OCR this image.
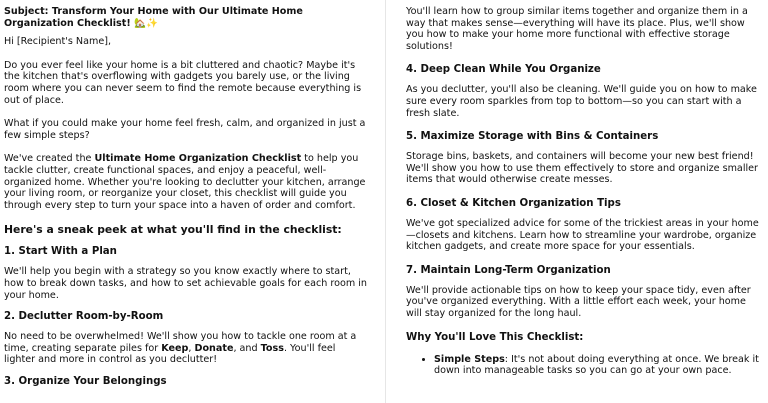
Subject: Transform Your Home with Our Ultimate Home Organization Checklist! 🏡✨

Hi [Recipient's Name],

Do you ever feel like your home is a bit cluttered and chaotic? Maybe it's the kitchen that's overflowing with gadgets you barely use, or the living room where you can never seem to find the remote because everything is out of place.

What if you could make your home feel fresh, calm, and organized in just a few simple steps?

We've created the Ultimate Home Organization Checklist to help you tackle clutter, create functional spaces, and enjoy a peaceful, well-organized home. Whether you're looking to declutter your kitchen, arrange your living room, or reorganize your closet, this checklist will guide you through every step to turn your space into a haven of order and comfort.

Here's a sneak peek at what you'll find in the checklist:
1. Start With a Plan

We'll help you begin with a strategy so you know exactly where to start, how to break down tasks, and how to set achievable goals for each room in your home.

2. Declutter Room-by-Room

No need to be overwhelmed! We'll show you how to tackle one room at a time, creating separate piles for Keep, Donate, and Toss. You'll feel lighter and more in control as you declutter!

3. Organize Your Belongings

You'll learn how to group similar items together and organize them in a way that makes sense—everything will have its place. Plus, we'll show you how to make your home more functional with effective storage solutions!

4. Deep Clean While You Organize

As you declutter, you'll also be cleaning. We'll guide you on how to make sure every room sparkles from top to bottom—so you can start with a fresh slate.

5. Maximize Storage with Bins & Containers

Storage bins, baskets, and containers will become your new best friend! We'll show you how to use them effectively to store and organize smaller items that would otherwise create messes.

6. Closet & Kitchen Organization Tips

We've got specialized advice for some of the trickiest areas in your home—closets and kitchens. Learn how to streamline your wardrobe, organize kitchen gadgets, and create more space for your essentials.

7. Maintain Long-Term Organization

We'll provide actionable tips on how to keep your space tidy, even after you've organized everything. With a little effort each week, your home will stay organized for the long haul.

Why You'll Love This Checklist:
• Simple Steps: It's not about doing everything at once. We break it down into manageable tasks so you can go at your own pace.
